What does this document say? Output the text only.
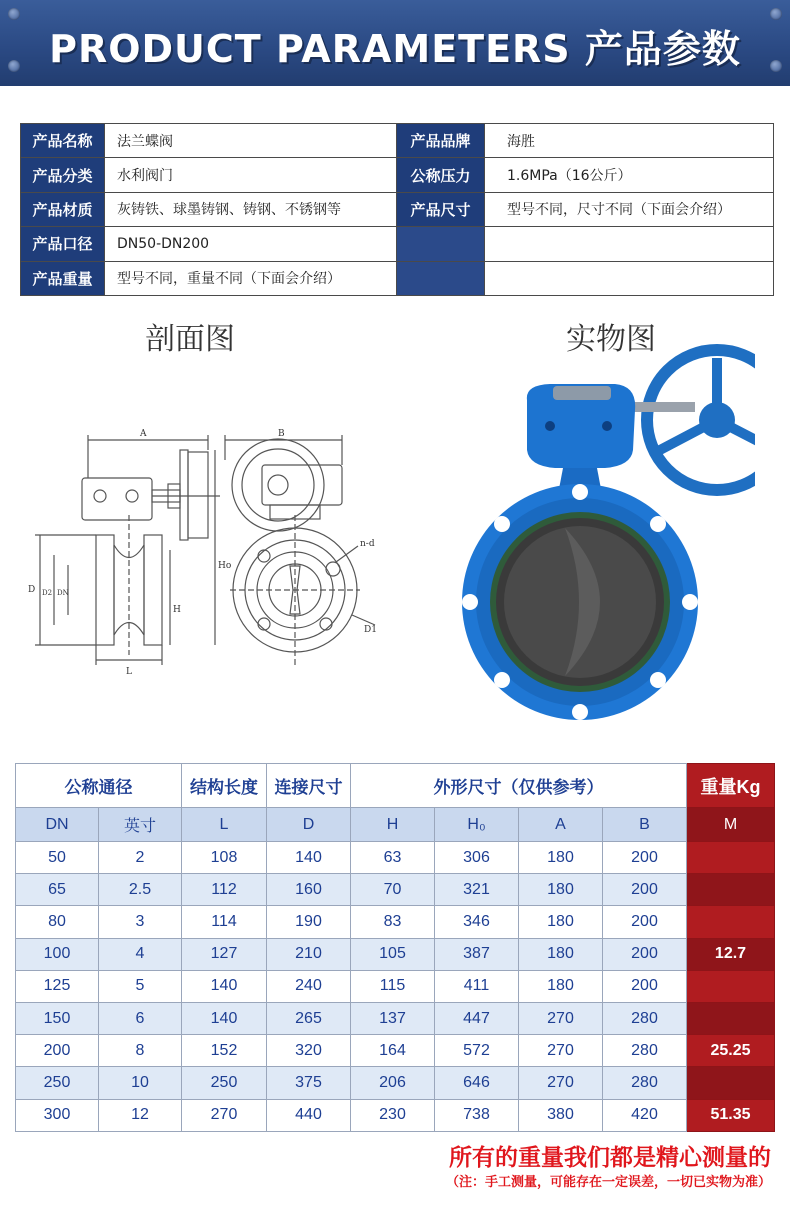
PRODUCT PARAMETERS 产品参数
产品名称	法兰蝶阀	产品品牌	海胜
产品分类	水利阀门	公称压力	1.6MPa（16公斤）
产品材质	灰铸铁、球墨铸钢、铸钢、不锈钢等	产品尺寸	型号不同，尺寸不同（下面会介绍）
产品口径	DN50-DN200		
产品重量	型号不同，重量不同（下面会介绍）		
剖面图	实物图
A	B
L
D D2 DN
H
Ho
n-d
D1
公称通径		结构长度	连接尺寸	外形尺寸（仅供参考）				重量Kg
DN	英寸	L	D	H	H₀	A	B	M
50	2	108	140	63	306	180	200	
65	2.5	112	160	70	321	180	200	
80	3	114	190	83	346	180	200	
100	4	127	210	105	387	180	200	12.7
125	5	140	240	115	411	180	200	
150	6	140	265	137	447	270	280	
200	8	152	320	164	572	270	280	25.25
250	10	250	375	206	646	270	280	
300	12	270	440	230	738	380	420	51.35
所有的重量我们都是精心测量的
（注：手工测量，可能存在一定误差，一切已实物为准）
